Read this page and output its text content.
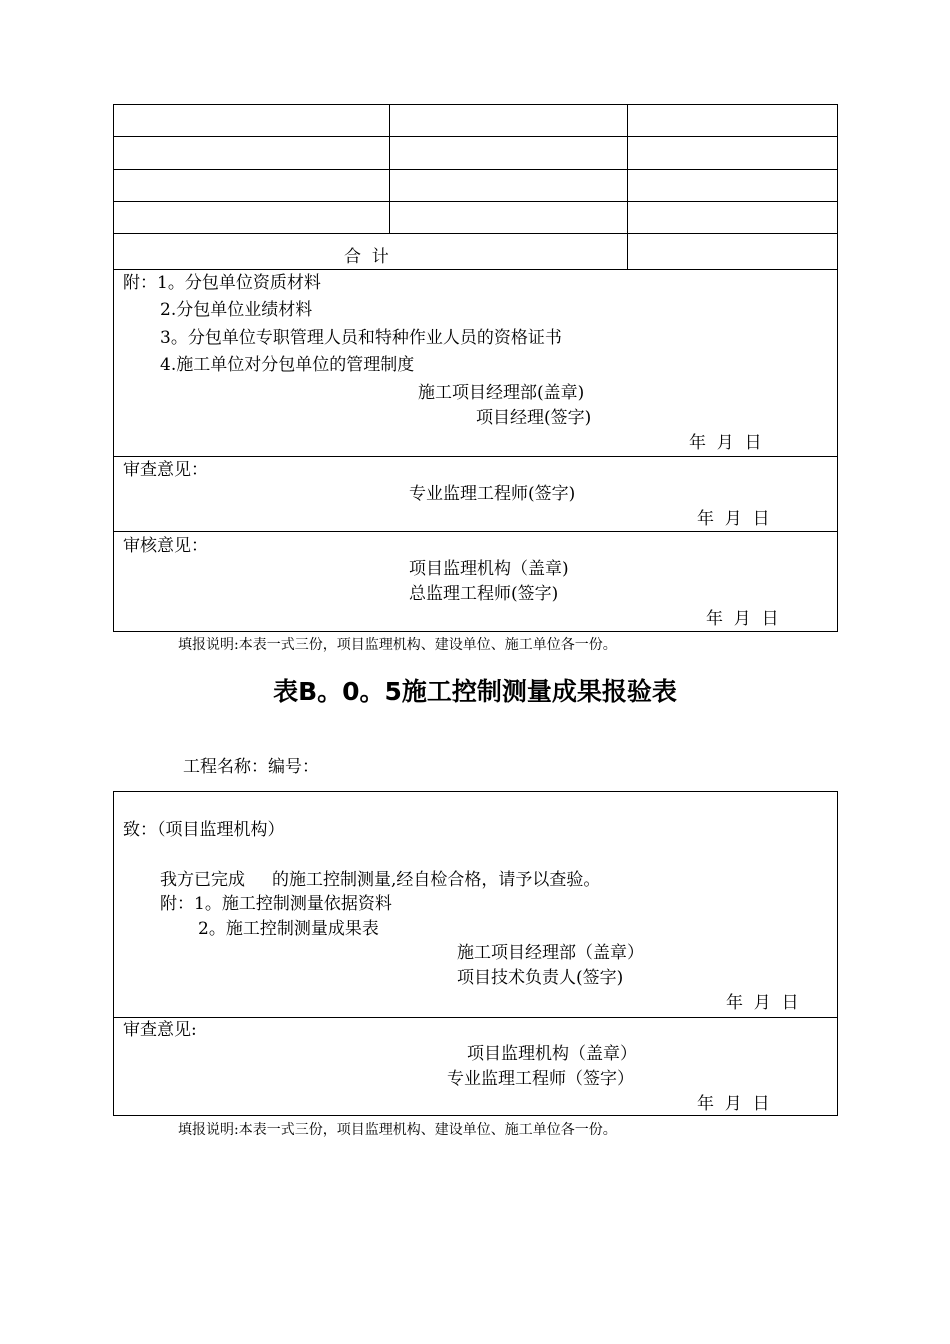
合  计
附：1。分包单位资质材料
2.分包单位业绩材料
3。分包单位专职管理人员和特种作业人员的资格证书
4.施工单位对分包单位的管理制度
施工项目经理部(盖章)
项目经理(签字)
年  月  日
审查意见：
专业监理工程师(签字)
年  月  日
审核意见：
项目监理机构（盖章)
总监理工程师(签字)
年  月  日
填报说明:本表一式三份，项目监理机构、建设单位、施工单位各一份。
表B。0。5施工控制测量成果报验表
工程名称：编号：
致：（项目监理机构）
我方已完成     的施工控制测量,经自检合格，请予以查验。
附：1。施工控制测量依据资料
2。施工控制测量成果表
施工项目经理部（盖章）
项目技术负责人(签字)
年  月  日
审查意见:
项目监理机构（盖章）
专业监理工程师（签字）
年  月  日
填报说明:本表一式三份，项目监理机构、建设单位、施工单位各一份。
